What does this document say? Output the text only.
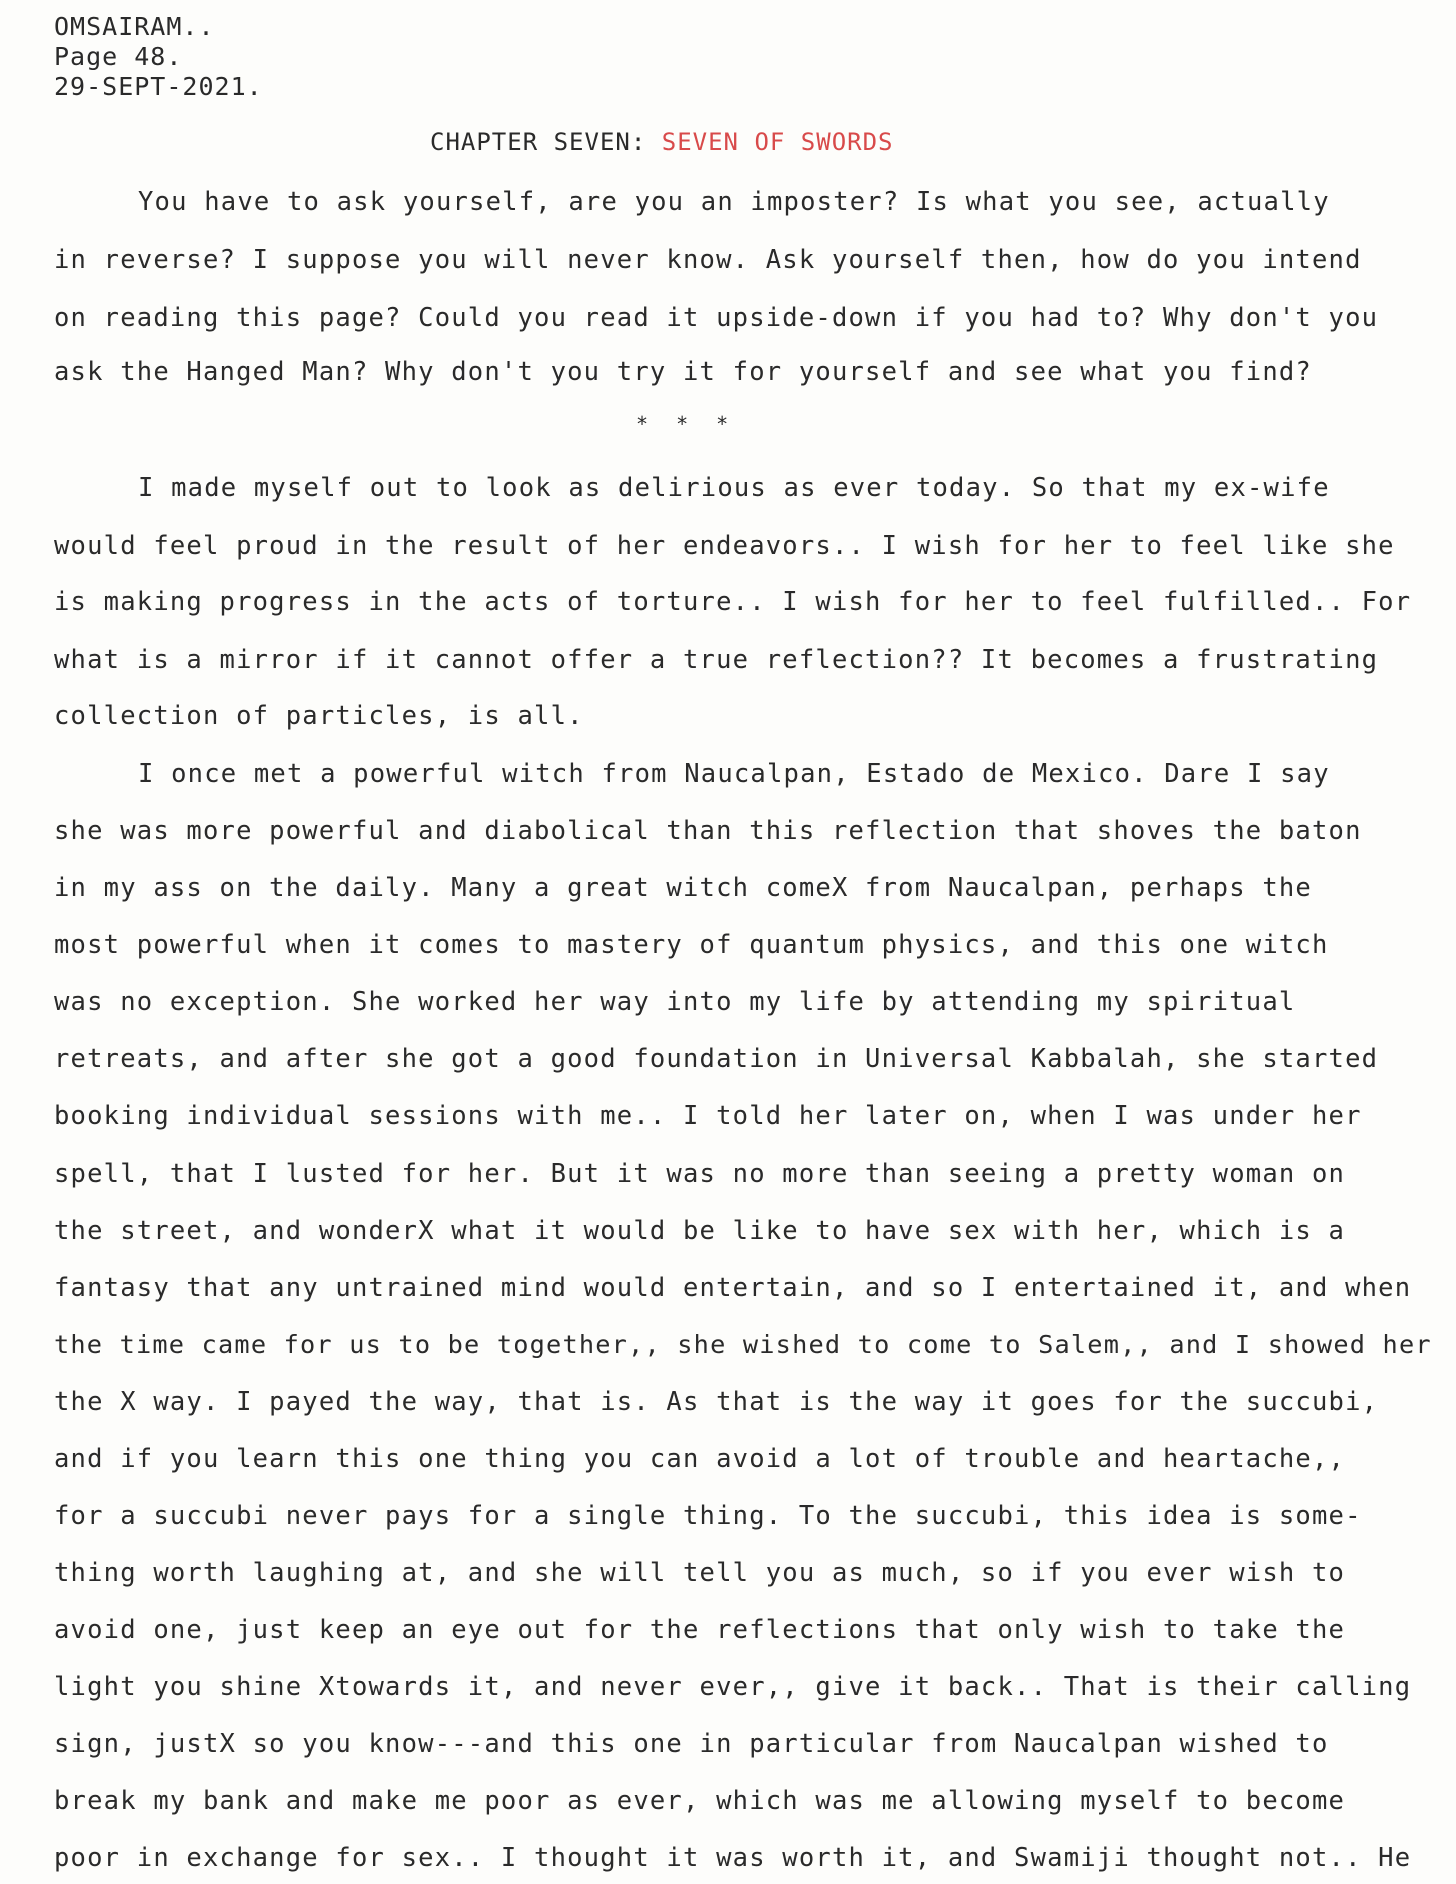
OMSAIRAM..
Page 48.
29-SEPT-2021.
CHAPTER SEVEN: SEVEN OF SWORDS
You have to ask yourself, are you an imposter? Is what you see, actually
in reverse? I suppose you will never know. Ask yourself then, how do you intend
on reading this page? Could you read it upside-down if you had to? Why don't you
ask the Hanged Man? Why don't you try it for yourself and see what you find?
* * *
I made myself out to look as delirious as ever today. So that my ex-wife
would feel proud in the result of her endeavors.. I wish for her to feel like she
is making progress in the acts of torture.. I wish for her to feel fulfilled.. For
what is a mirror if it cannot offer a true reflection?? It becomes a frustrating
collection of particles, is all.
I once met a powerful witch from Naucalpan, Estado de Mexico. Dare I say
she was more powerful and diabolical than this reflection that shoves the baton
in my ass on the daily. Many a great witch comeX from Naucalpan, perhaps the
most powerful when it comes to mastery of quantum physics, and this one witch
was no exception. She worked her way into my life by attending my spiritual
retreats, and after she got a good foundation in Universal Kabbalah, she started
booking individual sessions with me.. I told her later on, when I was under her
spell, that I lusted for her. But it was no more than seeing a pretty woman on
the street, and wonderX what it would be like to have sex with her, which is a
fantasy that any untrained mind would entertain, and so I entertained it, and when
the time came for us to be together,, she wished to come to Salem,, and I showed her
the X way. I payed the way, that is. As that is the way it goes for the succubi,
and if you learn this one thing you can avoid a lot of trouble and heartache,,
for a succubi never pays for a single thing. To the succubi, this idea is some-
thing worth laughing at, and she will tell you as much, so if you ever wish to
avoid one, just keep an eye out for the reflections that only wish to take the
light you shine Xtowards it, and never ever,, give it back.. That is their calling
sign, justX so you know---and this one in particular from Naucalpan wished to
break my bank and make me poor as ever, which was me allowing myself to become
poor in exchange for sex.. I thought it was worth it, and Swamiji thought not.. He
